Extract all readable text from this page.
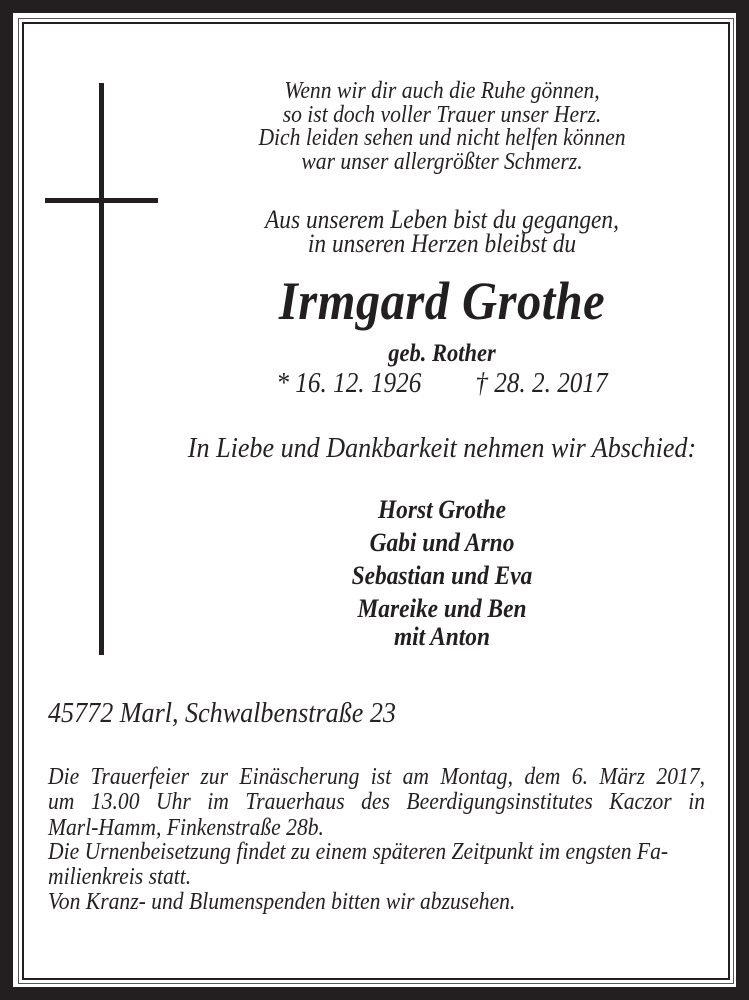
Wenn wir dir auch die Ruhe gönnen,
so ist doch voller Trauer unser Herz.
Dich leiden sehen und nicht helfen können
war unser allergrößter Schmerz.
Aus unserem Leben bist du gegangen,
in unseren Herzen bleibst du
Irmgard Grothe
geb. Rother
* 16. 12. 1926 † 28. 2. 2017
In Liebe und Dankbarkeit nehmen wir Abschied:
Horst Grothe
Gabi und Arno
Sebastian und Eva
Mareike und Ben
mit Anton
45772 Marl, Schwalbenstraße 23
Die Trauerfeier zur Einäscherung ist am Montag, dem 6. März 2017,
um 13.00 Uhr im Trauerhaus des Beerdigungsinstitutes Kaczor in
Marl-Hamm, Finkenstraße 28b.
Die Urnenbeisetzung findet zu einem späteren Zeitpunkt im engsten Fa-
milienkreis statt.
Von Kranz- und Blumenspenden bitten wir abzusehen.
